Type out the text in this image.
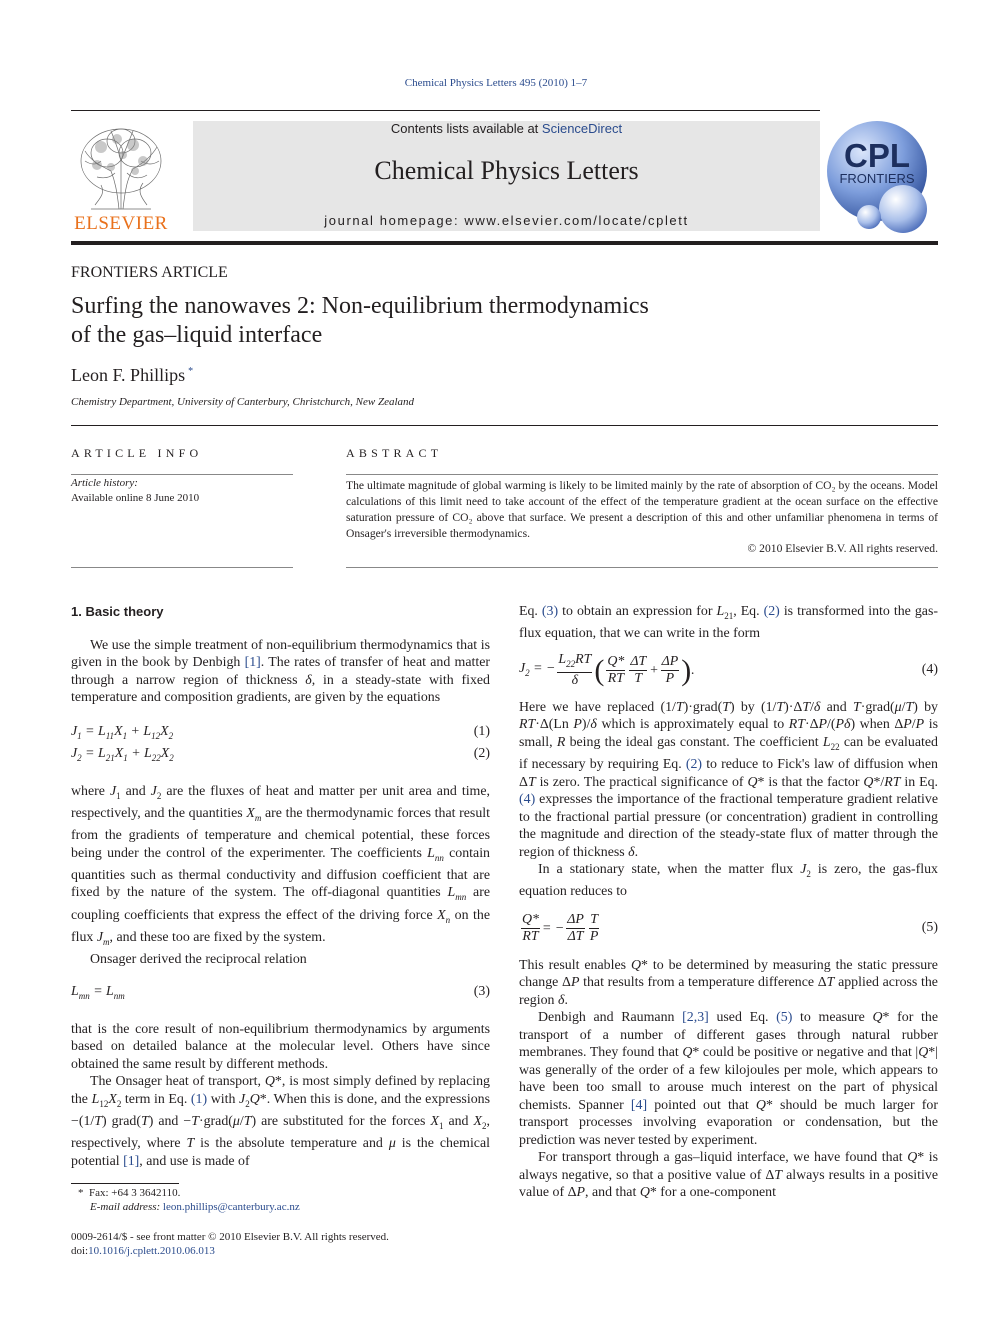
Chemical Physics Letters 495 (2010) 1–7
ELSEVIER
Contents lists available at ScienceDirect
Chemical Physics Letters
journal homepage: www.elsevier.com/locate/cplett
CPL
FRONTIERS
FRONTIERS ARTICLE
Surfing the nanowaves 2: Non-equilibrium thermodynamics
of the gas–liquid interface
Leon F. Phillips *
Chemistry Department, University of Canterbury, Christchurch, New Zealand
ARTICLE INFO
Article history:
Available online 8 June 2010
ABSTRACT
The ultimate magnitude of global warming is likely to be limited mainly by the rate of absorption of CO₂ by the oceans. Model calculations of this limit need to take account of the effect of the temperature gradient at the ocean surface on the effective saturation pressure of CO₂ above that surface. We present a description of this and other unfamiliar phenomena in terms of Onsager's irreversible thermodynamics.
© 2010 Elsevier B.V. All rights reserved.
1. Basic theory

We use the simple treatment of non-equilibrium thermodynamics that is given in the book by Denbigh [1]. The rates of transfer of heat and matter through a narrow region of thickness δ, in a steady-state with fixed temperature and composition gradients, are given by the equations

$J_1 = L_{11}X_1 + L_{12}X_2$	(1)
$J_2 = L_{21}X_1 + L_{22}X_2$	(2)

where $J_1$ and $J_2$ are the fluxes of heat and matter per unit area and time, respectively, and the quantities $X_m$ are the thermodynamic forces that result from the gradients of temperature and chemical potential, these forces being under the control of the experimenter. The coefficients $L_{nn}$ contain quantities such as thermal conductivity and diffusion coefficient that are fixed by the nature of the system. The off-diagonal quantities $L_{mn}$ are coupling coefficients that express the effect of the driving force $X_n$ on the flux $J_m$, and these too are fixed by the system.

Onsager derived the reciprocal relation

$L_{mn} = L_{nm}$	(3)

that is the core result of non-equilibrium thermodynamics by arguments based on detailed balance at the molecular level. Others have since obtained the same result by different methods.

The Onsager heat of transport, Q*, is most simply defined by replacing the $L_{12}X_2$ term in Eq. (1) with $J_2Q*$. When this is done, and the expressions −(1/T) grad(T) and −T·grad(μ/T) are substituted for the forces $X_1$ and $X_2$, respectively, where T is the absolute temperature and μ is the chemical potential [1], and use is made of

Eq. (3) to obtain an expression for $L_{21}$, Eq. (2) is transformed into the gas-flux equation, that we can write in the form

$J_2$ = − $\frac{L_{22}RT}{\delta}$ ( $\frac{Q*}{RT} \frac{\Delta T}{T} + \frac{\Delta P}{P}$ ) .	(4)

Here we have replaced (1/T)·grad(T) by (1/T)·ΔT/δ and T·grad(μ/T) by RT·Δ(Ln P)/δ which is approximately equal to RT·ΔP/(Pδ) when ΔP/P is small, R being the ideal gas constant. The coefficient $L_{22}$ can be evaluated if necessary by requiring Eq. (2) to reduce to Fick's law of diffusion when ΔT is zero. The practical significance of Q* is that the factor Q*/RT in Eq. (4) expresses the importance of the fractional temperature gradient relative to the fractional partial pressure (or concentration) gradient in controlling the magnitude and direction of the steady-state flux of matter through the region of thickness δ.

In a stationary state, when the matter flux $J_2$ is zero, the gas-flux equation reduces to

$\frac{Q*}{RT}$ = − $\frac{\Delta P}{\Delta T} \frac{T}{P}$	(5)

This result enables Q* to be determined by measuring the static pressure change ΔP that results from a temperature difference ΔT applied across the region δ.

Denbigh and Raumann [2,3] used Eq. (5) to measure Q* for the transport of a number of different gases through natural rubber membranes. They found that Q* could be positive or negative and that |Q*| was generally of the order of a few kilojoules per mole, which appears to have been too small to arouse much interest on the part of physical chemists. Spanner [4] pointed out that Q* should be much larger for transport processes involving evaporation or condensation, but the prediction was never tested by experiment.

For transport through a gas–liquid interface, we have found that Q* is always negative, so that a positive value of ΔT always results in a positive value of ΔP, and that Q* for a one-component

* Fax: +64 3 3642110.
E-mail address: leon.phillips@canterbury.ac.nz
0009-2614/$ - see front matter © 2010 Elsevier B.V. All rights reserved.
doi:10.1016/j.cplett.2010.06.013
